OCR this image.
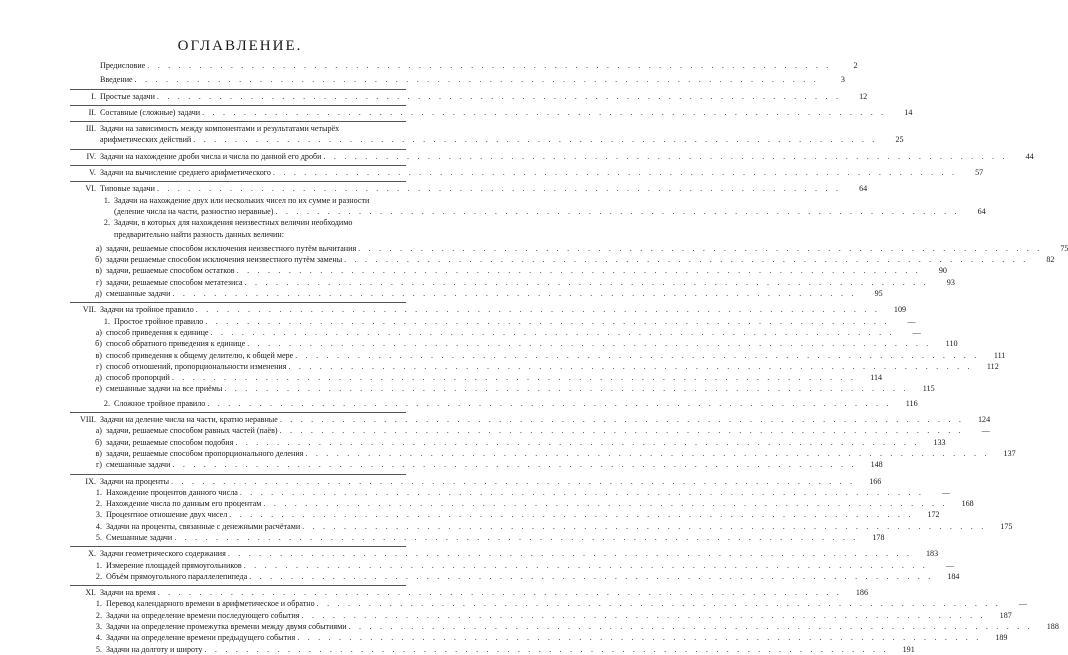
ОГЛАВЛЕНИЕ.
Предисловие . . . . . . . . . . . . . . . . . . . . . . . . . . . . . . . . . . . . . . . . . . . . . . . . . . . . . . . . . . . . . . . . . .	2
Введение . . . . . . . . . . . . . . . . . . . . . . . . . . . . . . . . . . . . . . . . . . . . . . . . . . . . . . . . . . . . . . . . . .	3
I. Простые задачи . . . . . . . . . . . . . . . . . . . . . . . . . . . . . . . . . . . . . . . . . . . . . . . . . . . . . . . . . . . . . . . . . .	12
II. Составные (сложные) задачи . . . . . . . . . . . . . . . . . . . . . . . . . . . . . . . . . . . . . . . . . . . . . . . . . . . . . . . . . . . . . . . . . .	14
III. Задачи на зависимость между компонентами и результатами четырёх
арифметических действий . . . . . . . . . . . . . . . . . . . . . . . . . . . . . . . . . . . . . . . . . . . . . . . . . . . . . . . . . . . . . . . . . .	25
IV. Задачи на нахождение дроби числа и числа по данной его дроби . . . . . . . . . . . . . . . . . . . . . . . . . . . . . . . . . . . . . . . . . . . . . . . . . . . . . . . . . . . . . . . . . .	44
V. Задачи на вычисление среднего арифметического . . . . . . . . . . . . . . . . . . . . . . . . . . . . . . . . . . . . . . . . . . . . . . . . . . . . . . . . . . . . . . . . . .	57
VI. Типовые задачи . . . . . . . . . . . . . . . . . . . . . . . . . . . . . . . . . . . . . . . . . . . . . . . . . . . . . . . . . . . . . . . . . .	64
1. Задачи на нахождение двух или нескольких чисел по их сумме и разности
(деление числа на части, разностно неравные) . . . . . . . . . . . . . . . . . . . . . . . . . . . . . . . . . . . . . . . . . . . . . . . . . . . . . . . . . . . . . . . . . .	64
2. Задачи, в которых для нахождения неизвестных величин необходимо
предварительно найти разность данных величин:
а) задачи, решаемые способом исключения неизвестного путём вычитания . . . . . . . . . . . . . . . . . . . . . . . . . . . . . . . . . . . . . . . . . . . . . . . . . . . . . . . . . . . . . . . . . .	75
б) задачи решаемые способом исключения неизвестного путём замены . . . . . . . . . . . . . . . . . . . . . . . . . . . . . . . . . . . . . . . . . . . . . . . . . . . . . . . . . . . . . . . . . .	82
в) задачи, решаемые способом остатков . . . . . . . . . . . . . . . . . . . . . . . . . . . . . . . . . . . . . . . . . . . . . . . . . . . . . . . . . . . . . . . . . .	90
г) задачи, решаемые способом метатезиса . . . . . . . . . . . . . . . . . . . . . . . . . . . . . . . . . . . . . . . . . . . . . . . . . . . . . . . . . . . . . . . . . .	93
д) смешанные задачи . . . . . . . . . . . . . . . . . . . . . . . . . . . . . . . . . . . . . . . . . . . . . . . . . . . . . . . . . . . . . . . . . .	95
VII. Задачи на тройное правило . . . . . . . . . . . . . . . . . . . . . . . . . . . . . . . . . . . . . . . . . . . . . . . . . . . . . . . . . . . . . . . . . .	109
1. Простое тройное правило . . . . . . . . . . . . . . . . . . . . . . . . . . . . . . . . . . . . . . . . . . . . . . . . . . . . . . . . . . . . . . . . . .	—
а) способ приведения к единице . . . . . . . . . . . . . . . . . . . . . . . . . . . . . . . . . . . . . . . . . . . . . . . . . . . . . . . . . . . . . . . . . .	—
б) способ обратного приведения к единице . . . . . . . . . . . . . . . . . . . . . . . . . . . . . . . . . . . . . . . . . . . . . . . . . . . . . . . . . . . . . . . . . .	110
в) способ приведения к общему делителю, к общей мере . . . . . . . . . . . . . . . . . . . . . . . . . . . . . . . . . . . . . . . . . . . . . . . . . . . . . . . . . . . . . . . . . .	111
г) способ отношений, пропорциональности изменения . . . . . . . . . . . . . . . . . . . . . . . . . . . . . . . . . . . . . . . . . . . . . . . . . . . . . . . . . . . . . . . . . .	112
д) способ пропорций . . . . . . . . . . . . . . . . . . . . . . . . . . . . . . . . . . . . . . . . . . . . . . . . . . . . . . . . . . . . . . . . . .	114
е) смешанные задачи на все приёмы . . . . . . . . . . . . . . . . . . . . . . . . . . . . . . . . . . . . . . . . . . . . . . . . . . . . . . . . . . . . . . . . . .	115
2. Сложное тройное правило . . . . . . . . . . . . . . . . . . . . . . . . . . . . . . . . . . . . . . . . . . . . . . . . . . . . . . . . . . . . . . . . . .	116
VIII. Задачи на деление числа на части, кратно неравные . . . . . . . . . . . . . . . . . . . . . . . . . . . . . . . . . . . . . . . . . . . . . . . . . . . . . . . . . . . . . . . . . .	124
а) задачи, решаемые способом равных частей (паёв) . . . . . . . . . . . . . . . . . . . . . . . . . . . . . . . . . . . . . . . . . . . . . . . . . . . . . . . . . . . . . . . . . .	—
б) задачи, решаемые способом подобия . . . . . . . . . . . . . . . . . . . . . . . . . . . . . . . . . . . . . . . . . . . . . . . . . . . . . . . . . . . . . . . . . .	133
в) задачи, решаемые способом пропорционального деления . . . . . . . . . . . . . . . . . . . . . . . . . . . . . . . . . . . . . . . . . . . . . . . . . . . . . . . . . . . . . . . . . .	137
г) смешанные задачи . . . . . . . . . . . . . . . . . . . . . . . . . . . . . . . . . . . . . . . . . . . . . . . . . . . . . . . . . . . . . . . . . .	148
IX. Задачи на проценты . . . . . . . . . . . . . . . . . . . . . . . . . . . . . . . . . . . . . . . . . . . . . . . . . . . . . . . . . . . . . . . . . .	166
1. Нахождение процентов данного числа . . . . . . . . . . . . . . . . . . . . . . . . . . . . . . . . . . . . . . . . . . . . . . . . . . . . . . . . . . . . . . . . . .	—
2. Нахождение числа по данным его процентам . . . . . . . . . . . . . . . . . . . . . . . . . . . . . . . . . . . . . . . . . . . . . . . . . . . . . . . . . . . . . . . . . .	168
3. Процентное отношение двух чисел . . . . . . . . . . . . . . . . . . . . . . . . . . . . . . . . . . . . . . . . . . . . . . . . . . . . . . . . . . . . . . . . . .	172
4. Задачи на проценты, связанные с денежными расчётами . . . . . . . . . . . . . . . . . . . . . . . . . . . . . . . . . . . . . . . . . . . . . . . . . . . . . . . . . . . . . . . . . .	175
5. Смешанные задачи . . . . . . . . . . . . . . . . . . . . . . . . . . . . . . . . . . . . . . . . . . . . . . . . . . . . . . . . . . . . . . . . . .	178
X. Задачи геометрического содержания . . . . . . . . . . . . . . . . . . . . . . . . . . . . . . . . . . . . . . . . . . . . . . . . . . . . . . . . . . . . . . . . . .	183
1. Измерение площадей прямоугольников . . . . . . . . . . . . . . . . . . . . . . . . . . . . . . . . . . . . . . . . . . . . . . . . . . . . . . . . . . . . . . . . . .	—
2. Объём прямоугольного параллелепипеда . . . . . . . . . . . . . . . . . . . . . . . . . . . . . . . . . . . . . . . . . . . . . . . . . . . . . . . . . . . . . . . . . .	184
XI. Задачи на время . . . . . . . . . . . . . . . . . . . . . . . . . . . . . . . . . . . . . . . . . . . . . . . . . . . . . . . . . . . . . . . . . .	186
1. Перевод календарного времени в арифметическое и обратно . . . . . . . . . . . . . . . . . . . . . . . . . . . . . . . . . . . . . . . . . . . . . . . . . . . . . . . . . . . . . . . . . .	—
2. Задачи на определение времени последующего события . . . . . . . . . . . . . . . . . . . . . . . . . . . . . . . . . . . . . . . . . . . . . . . . . . . . . . . . . . . . . . . . . .	187
3. Задачи на определение промежутка времени между двумя событиями . . . . . . . . . . . . . . . . . . . . . . . . . . . . . . . . . . . . . . . . . . . . . . . . . . . . . . . . . . . . . . . . . .	188
4. Задачи на определение времени предыдущего события . . . . . . . . . . . . . . . . . . . . . . . . . . . . . . . . . . . . . . . . . . . . . . . . . . . . . . . . . . . . . . . . . .	189
5. Задачи на долготу и широту . . . . . . . . . . . . . . . . . . . . . . . . . . . . . . . . . . . . . . . . . . . . . . . . . . . . . . . . . . . . . . . . . .	191
